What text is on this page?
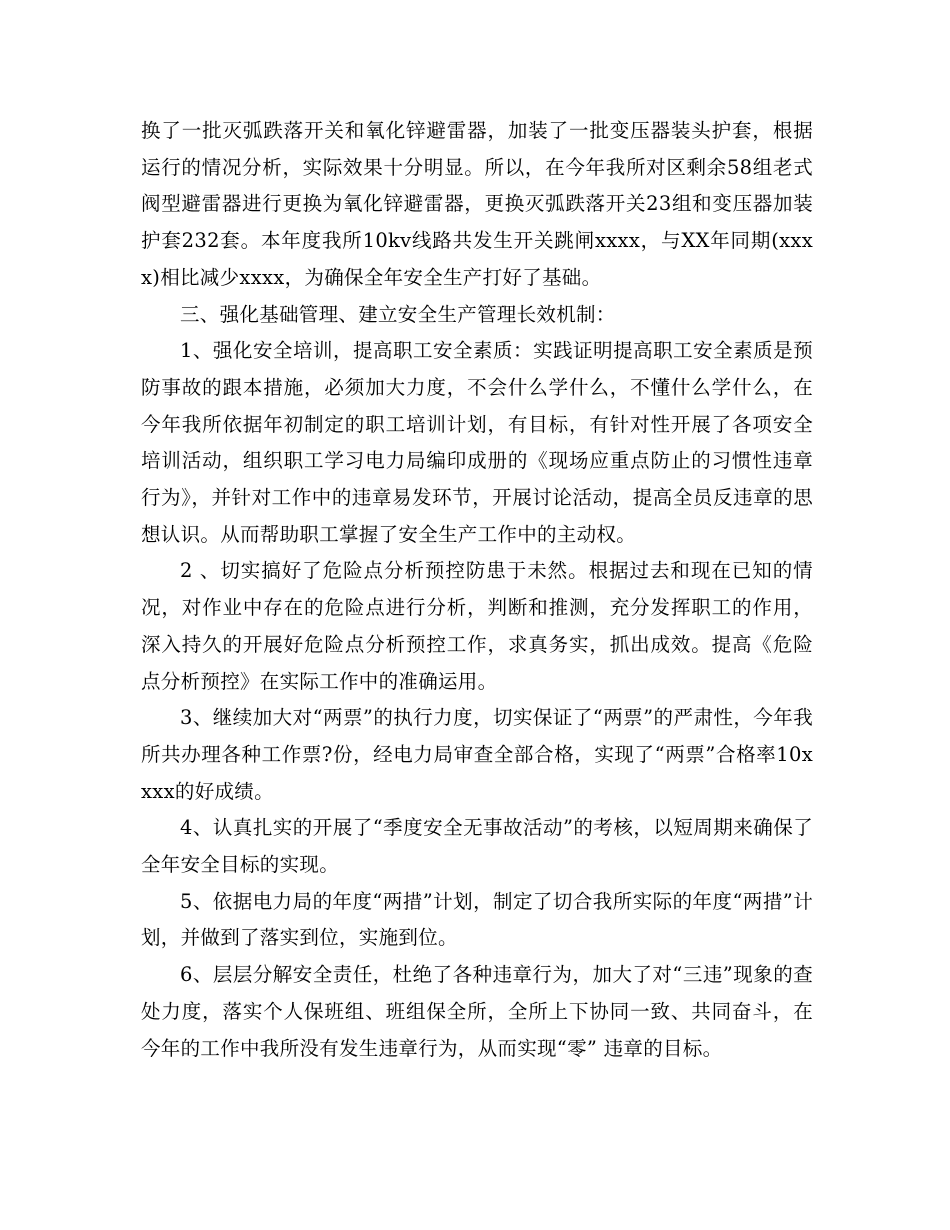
换了一批灭弧跌落开关和氧化锌避雷器，加装了一批变压器装头护套，根据运行的情况分析，实际效果十分明显。所以，在今年我所对区剩余58组老式阀型避雷器进行更换为氧化锌避雷器，更换灭弧跌落开关23组和变压器加装护套232套。本年度我所10kv线路共发生开关跳闸xxxx，与XX年同期(xxxx)相比减少xxxx，为确保全年安全生产打好了基础。

三、强化基础管理、建立安全生产管理长效机制：

1、强化安全培训，提高职工安全素质：实践证明提高职工安全素质是预防事故的跟本措施，必须加大力度，不会什么学什么，不懂什么学什么，在今年我所依据年初制定的职工培训计划，有目标，有针对性开展了各项安全培训活动，组织职工学习电力局编印成册的《现场应重点防止的习惯性违章行为》，并针对工作中的违章易发环节，开展讨论活动，提高全员反违章的思想认识。从而帮助职工掌握了安全生产工作中的主动权。

2 、切实搞好了危险点分析预控防患于未然。根据过去和现在已知的情况，对作业中存在的危险点进行分析，判断和推测，充分发挥职工的作用，深入持久的开展好危险点分析预控工作，求真务实，抓出成效。提高《危险点分析预控》在实际工作中的准确运用。

3、继续加大对“两票”的执行力度，切实保证了“两票”的严肃性，今年我所共办理各种工作票?份，经电力局审查全部合格，实现了“两票”合格率10xxxx的好成绩。

4、认真扎实的开展了“季度安全无事故活动”的考核，以短周期来确保了全年安全目标的实现。

5、依据电力局的年度“两措”计划，制定了切合我所实际的年度“两措”计划，并做到了落实到位，实施到位。

6、层层分解安全责任，杜绝了各种违章行为，加大了对“三违”现象的查处力度，落实个人保班组、班组保全所，全所上下协同一致、共同奋斗，在今年的工作中我所没有发生违章行为，从而实现“零” 违章的目标。
